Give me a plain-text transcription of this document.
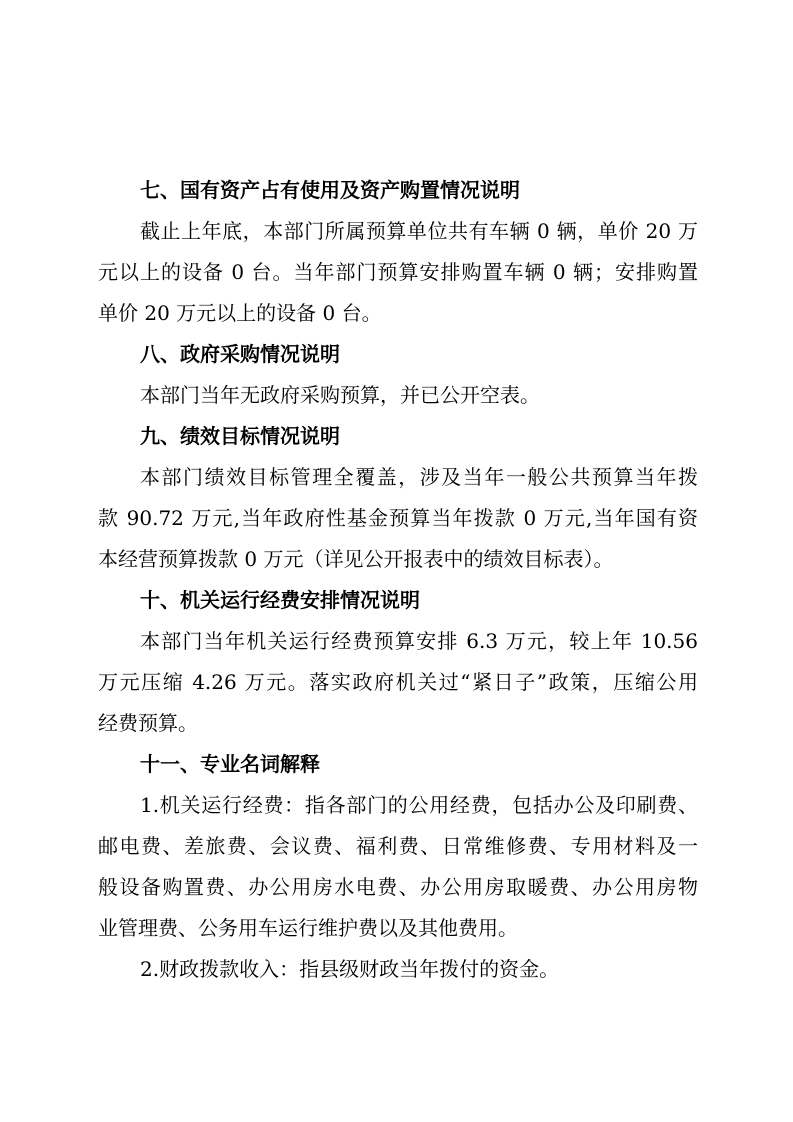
七、国有资产占有使用及资产购置情况说明

截止上年底，本部门所属预算单位共有车辆 0 辆，单价 20 万
元以上的设备 0 台。当年部门预算安排购置车辆 0 辆；安排购置
单价 20 万元以上的设备 0 台。

八、政府采购情况说明

本部门当年无政府采购预算，并已公开空表。

九、绩效目标情况说明

本部门绩效目标管理全覆盖，涉及当年一般公共预算当年拨
款 90.72 万元,当年政府性基金预算当年拨款 0 万元,当年国有资
本经营预算拨款 0 万元（详见公开报表中的绩效目标表）。

十、机关运行经费安排情况说明

本部门当年机关运行经费预算安排 6.3 万元，较上年 10.56
万元压缩 4.26 万元。落实政府机关过“紧日子”政策，压缩公用
经费预算。

十一、专业名词解释

1.机关运行经费：指各部门的公用经费，包括办公及印刷费、
邮电费、差旅费、会议费、福利费、日常维修费、专用材料及一
般设备购置费、办公用房水电费、办公用房取暖费、办公用房物
业管理费、公务用车运行维护费以及其他费用。

2.财政拨款收入：指县级财政当年拨付的资金。
